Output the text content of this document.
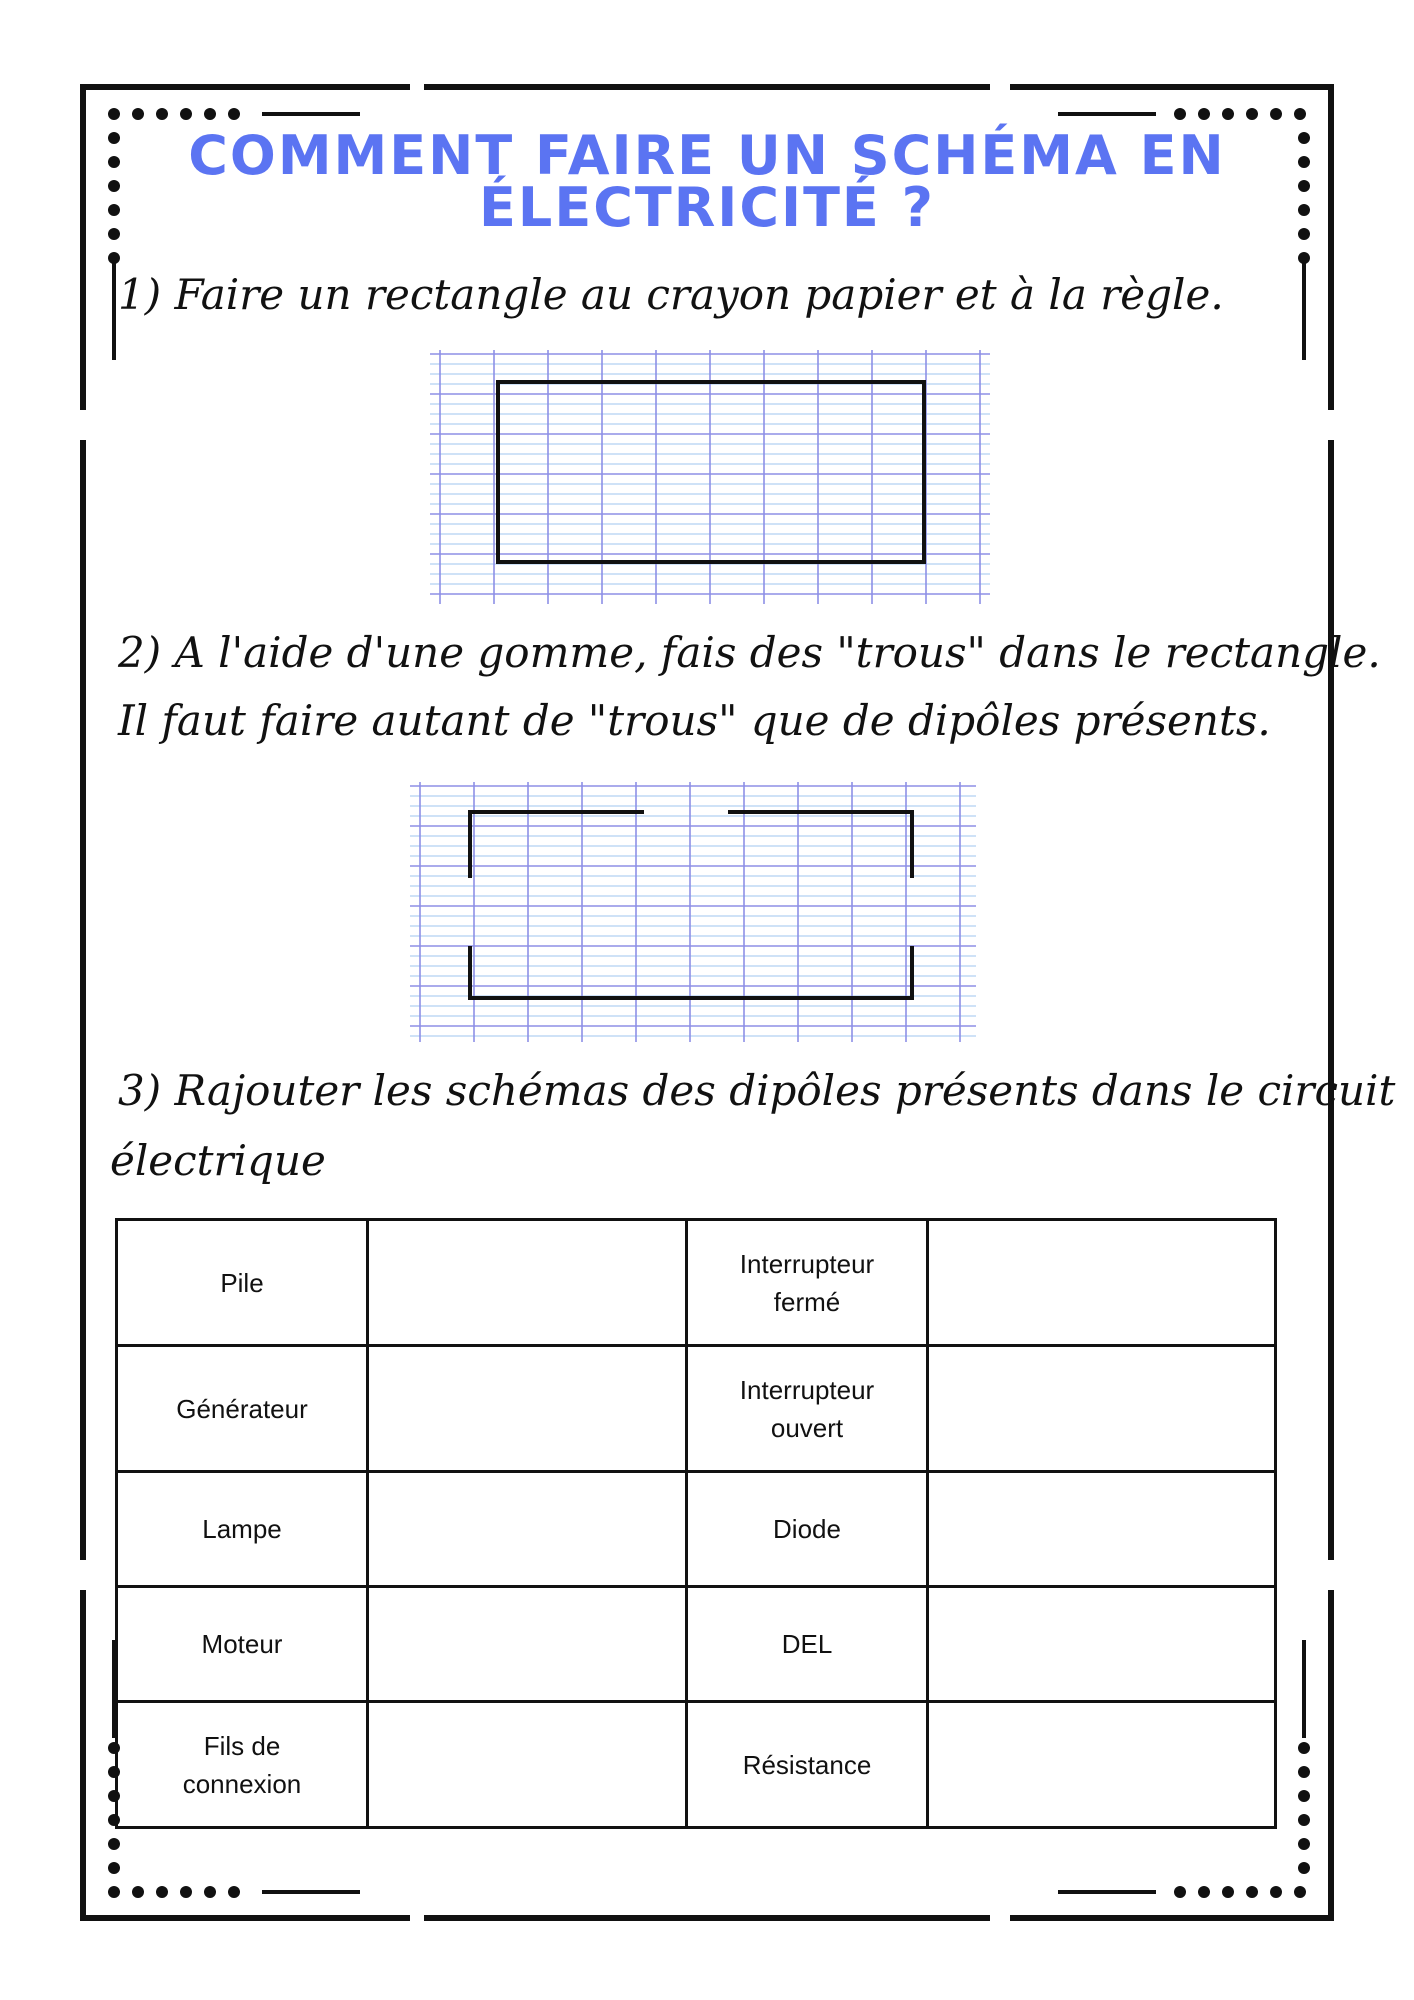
COMMENT FAIRE UN SCHÉMA EN
ÉLECTRICITÉ ?

1) Faire un rectangle au crayon papier et à la règle.

2) A l'aide d'une gomme, fais des "trous" dans le rectangle.

Il faut faire autant de "trous" que de dipôles présents.

3) Rajouter les schémas des dipôles présents dans le circuit

électrique

Pile		Interrupteur
fermé	
Générateur		Interrupteur
ouvert	
Lampe		Diode	
Moteur		DEL	
Fils de
connexion		Résistance	
